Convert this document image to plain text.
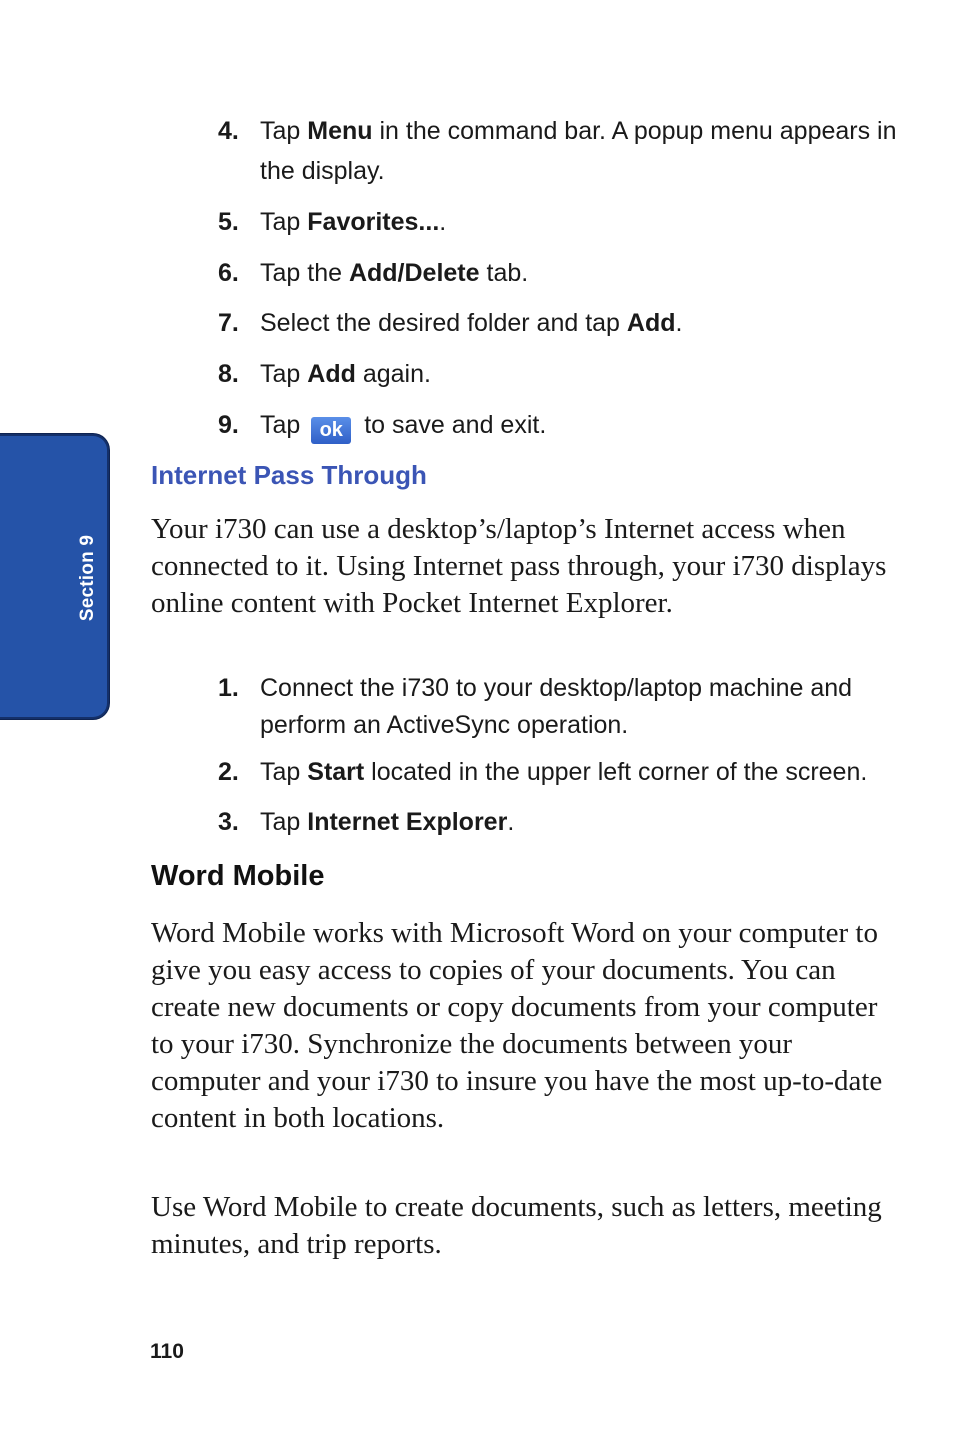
Section 9
4. Tap Menu in the command bar. A popup menu appears in the display.
5. Tap Favorites....
6. Tap the Add/Delete tab.
7. Select the desired folder and tap Add.
8. Tap Add again.
9. Tap ok to save and exit.
Internet Pass Through
Your i730 can use a desktop’s/laptop’s Internet access when connected to it. Using Internet pass through, your i730 displays online content with Pocket Internet Explorer.
1. Connect the i730 to your desktop/laptop machine and perform an ActiveSync operation.
2. Tap Start located in the upper left corner of the screen.
3. Tap Internet Explorer.
Word Mobile
Word Mobile works with Microsoft Word on your computer to give you easy access to copies of your documents. You can create new documents or copy documents from your computer to your i730. Synchronize the documents between your computer and your i730 to insure you have the most up-to-date content in both locations.
Use Word Mobile to create documents, such as letters, meeting minutes, and trip reports.
110
